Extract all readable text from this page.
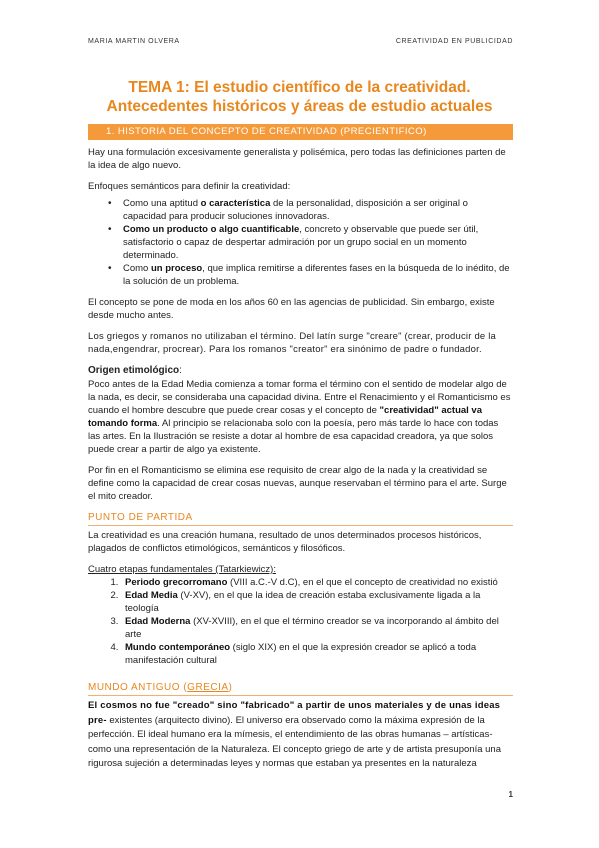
MARIA MARTIN OLVERA	CREATIVIDAD EN PUBLICIDAD
TEMA 1: El estudio científico de la creatividad.
Antecedentes históricos y áreas de estudio actuales
1. HISTORIA DEL CONCEPTO DE CREATIVIDAD (PRECIENTIFICO)

Hay una formulación excesivamente generalista y polisémica, pero todas las definiciones parten de la idea de algo nuevo.

Enfoques semánticos para definir la creatividad:

• Como una aptitud o característica de la personalidad, disposición a ser original o capacidad para producir soluciones innovadoras.
• Como un producto o algo cuantificable, concreto y observable que puede ser útil, satisfactorio o capaz de despertar admiración por un grupo social en un momento determinado.
• Como un proceso, que implica remitirse a diferentes fases en la búsqueda de lo inédito, de la solución de un problema.

El concepto se pone de moda en los años 60 en las agencias de publicidad. Sin embargo, existe desde mucho antes.

Los griegos y romanos no utilizaban el término. Del latín surge "creare" (crear, producir de la nada,engendrar, procrear). Para los romanos "creator" era sinónimo de padre o fundador.

Origen etimológico:

Poco antes de la Edad Media comienza a tomar forma el término con el sentido de modelar algo de la nada, es decir, se consideraba una capacidad divina. Entre el Renacimiento y el Romanticismo es cuando el hombre descubre que puede crear cosas y el concepto de "creatividad" actual va tomando forma. Al principio se relacionaba solo con la poesía, pero más tarde lo hace con todas las artes. En la Ilustración se resiste a dotar al hombre de esa capacidad creadora, ya que solos puede crear a partir de algo ya existente.

Por fin en el Romanticismo se elimina ese requisito de crear algo de la nada y la creatividad se define como la capacidad de crear cosas nuevas, aunque reservaban el término para el arte. Surge el mito creador.

PUNTO DE PARTIDA

La creatividad es una creación humana, resultado de unos determinados procesos históricos, plagados de conflictos etimológicos, semánticos y filosóficos.

Cuatro etapas fundamentales (Tatarkiewicz):
1. Periodo grecorromano (VIII a.C.-V d.C), en el que el concepto de creatividad no existió
2. Edad Media (V-XV), en el que la idea de creación estaba exclusivamente ligada a la teología
3. Edad Moderna (XV-XVIII), en el que el término creador se va incorporando al ámbito del arte
4. Mundo contemporáneo (siglo XIX) en el que la expresión creador se aplicó a toda manifestación cultural
MUNDO ANTIGUO (GRECIA)

El cosmos no fue "creado" sino "fabricado" a partir de unos materiales y de unas ideas pre- existentes (arquitecto divino). El universo era observado como la máxima expresión de la perfección. El ideal humano era la mímesis, el entendimiento de las obras humanas – artísticas- como una representación de la Naturaleza. El concepto griego de arte y de artista presuponía una rigurosa sujeción a determinadas leyes y normas que estaban ya presentes en la naturaleza

1
